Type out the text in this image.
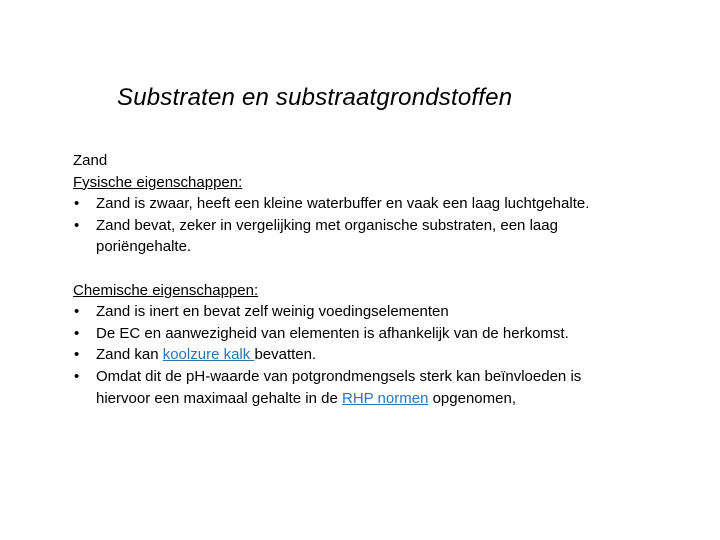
Substraten en substraatgrondstoffen

Zand

Fysische eigenschappen:

• Zand is zwaar, heeft een kleine waterbuffer en vaak een laag luchtgehalte.
• Zand bevat, zeker in vergelijking met organische substraten, een laag poriëngehalte.

Chemische eigenschappen:

• Zand is inert en bevat zelf weinig voedingselementen
• De EC en aanwezigheid van elementen is afhankelijk van de herkomst.
• Zand kan koolzure kalk bevatten.
• Omdat dit de pH-waarde van potgrondmengsels sterk kan beïnvloeden is hiervoor een maximaal gehalte in de RHP normen opgenomen,
